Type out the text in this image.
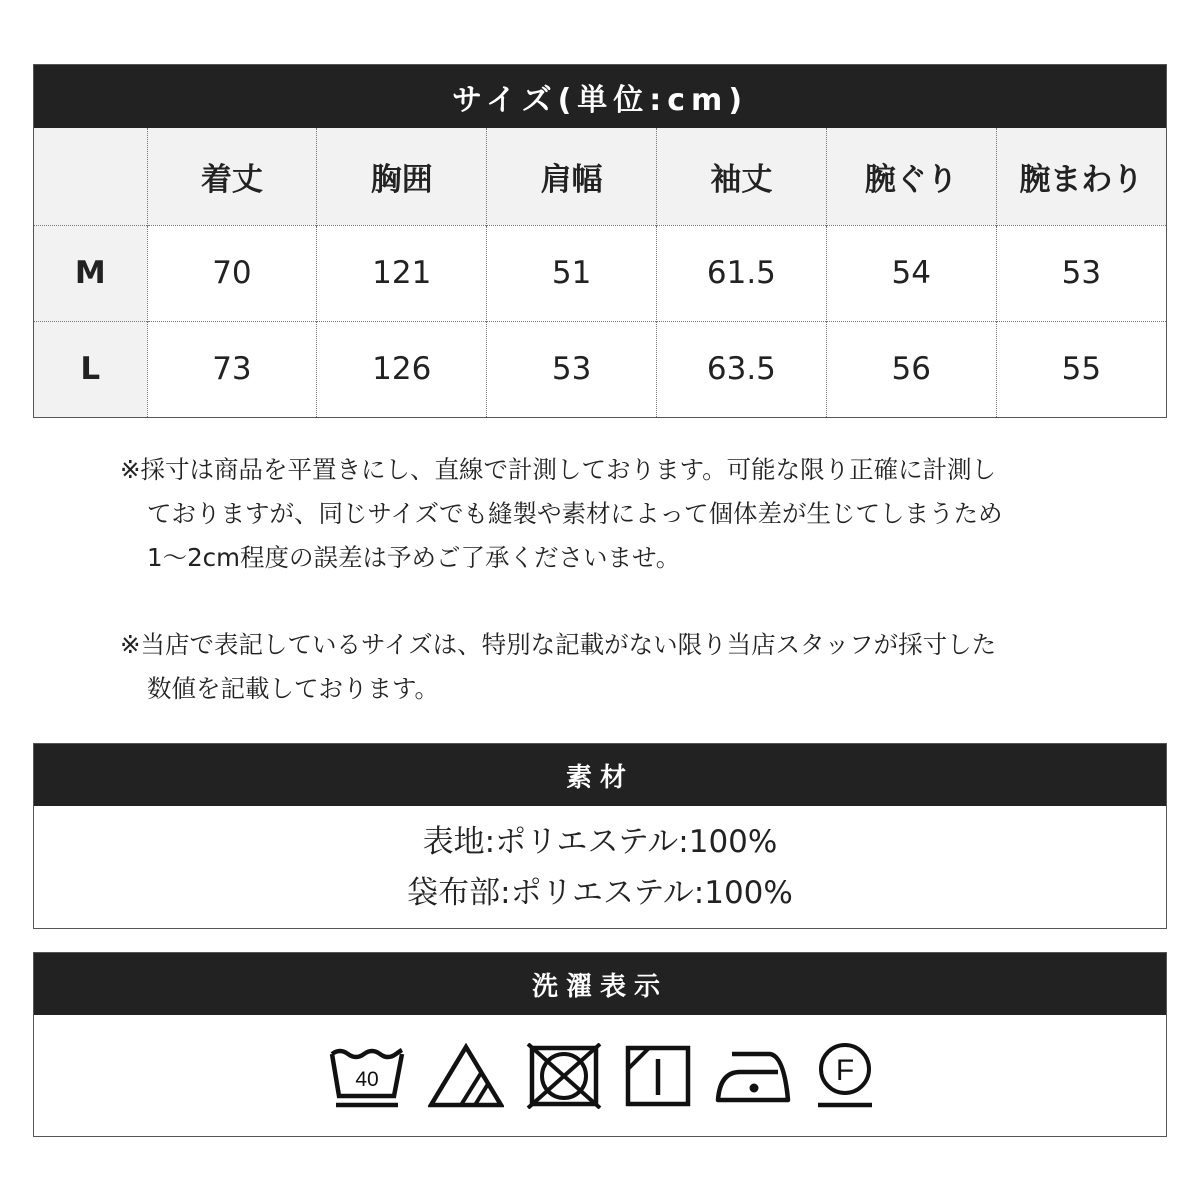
サイズ(単位:cm)
	着丈	胸囲	肩幅	袖丈	腕ぐり	腕まわり
M	70	121	51	61.5	54	53
L	73	126	53	63.5	56	55

※採寸は商品を平置きにし、直線で計測しております。可能な限り正確に計測し

ておりますが、同じサイズでも縫製や素材によって個体差が生じてしまうため

1〜2cm程度の誤差は予めご了承くださいませ。

※当店で表記しているサイズは、特別な記載がない限り当店スタッフが採寸した

数値を記載しております。

素材
表地:ポリエステル:100%
袋布部:ポリエステル:100%
洗濯表示
40	F
